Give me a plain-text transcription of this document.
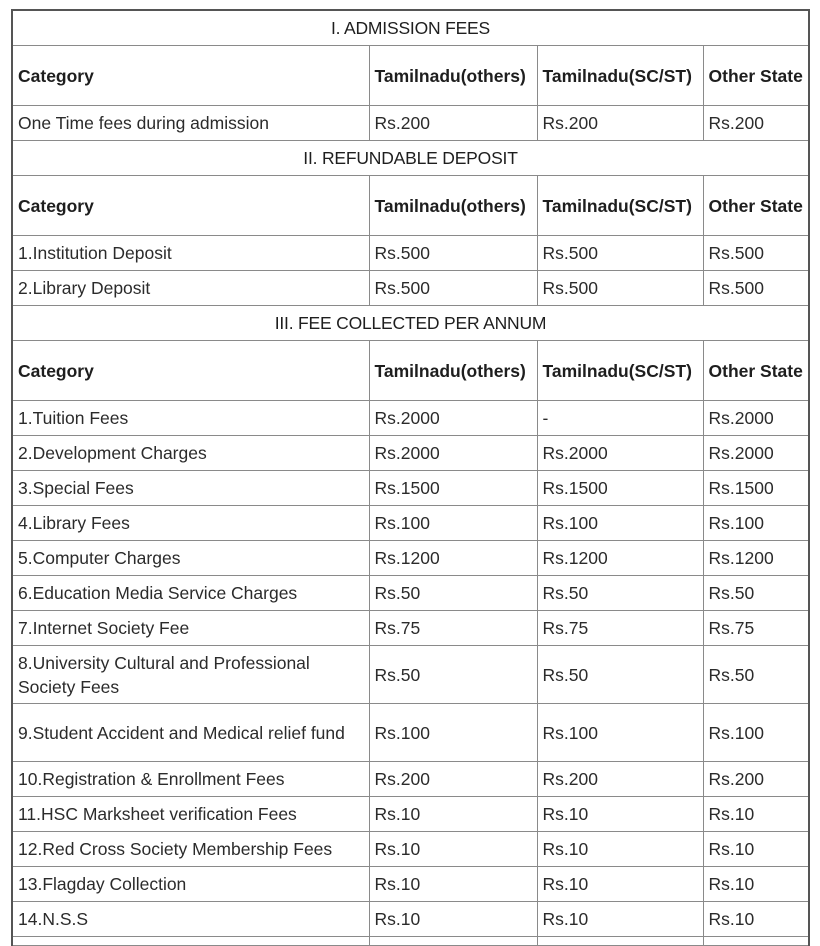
I. ADMISSION FEES			
Category	Tamilnadu(others)	Tamilnadu(SC/ST)	Other State
One Time fees during admission	Rs.200	Rs.200	Rs.200
II. REFUNDABLE DEPOSIT			
Category	Tamilnadu(others)	Tamilnadu(SC/ST)	Other State
1.Institution Deposit	Rs.500	Rs.500	Rs.500
2.Library Deposit	Rs.500	Rs.500	Rs.500
III. FEE COLLECTED PER ANNUM			
Category	Tamilnadu(others)	Tamilnadu(SC/ST)	Other State
1.Tuition Fees	Rs.2000	-	Rs.2000
2.Development Charges	Rs.2000	Rs.2000	Rs.2000
3.Special Fees	Rs.1500	Rs.1500	Rs.1500
4.Library Fees	Rs.100	Rs.100	Rs.100
5.Computer Charges	Rs.1200	Rs.1200	Rs.1200
6.Education Media Service Charges	Rs.50	Rs.50	Rs.50
7.Internet Society Fee	Rs.75	Rs.75	Rs.75
8.University Cultural and Professional Society Fees	Rs.50	Rs.50	Rs.50
9.Student Accident and Medical relief fund	Rs.100	Rs.100	Rs.100
10.Registration & Enrollment Fees	Rs.200	Rs.200	Rs.200
11.HSC Marksheet verification Fees	Rs.10	Rs.10	Rs.10
12.Red Cross Society Membership Fees	Rs.10	Rs.10	Rs.10
13.Flagday Collection	Rs.10	Rs.10	Rs.10
14.N.S.S	Rs.10	Rs.10	Rs.10
